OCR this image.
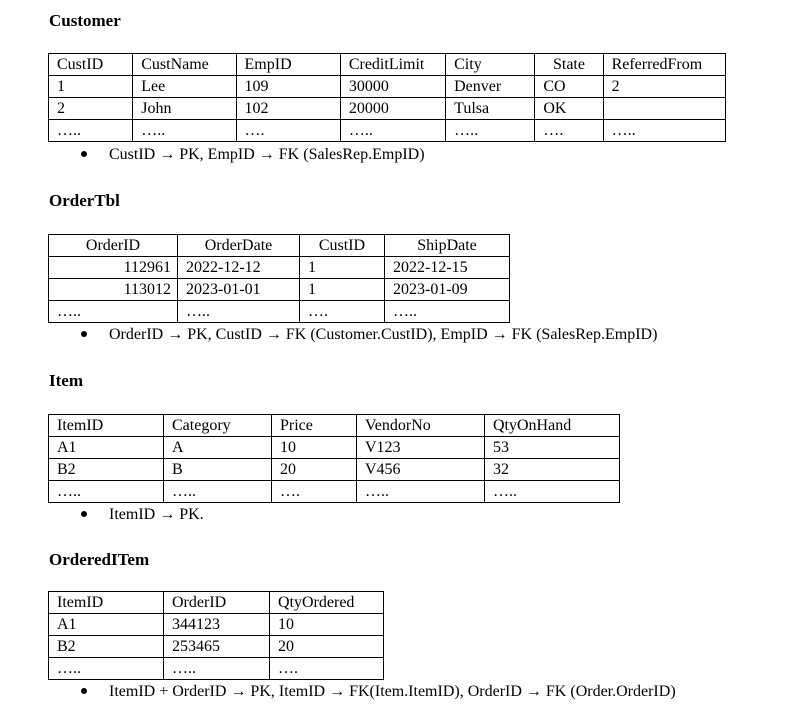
Customer
CustID	CustName	EmpID	CreditLimit	City	State	ReferredFrom
1	Lee	109	30000	Denver	CO	2
2	John	102	20000	Tulsa	OK	
…..	…..	….	…..	…..	….	…..
CustID → PK, EmpID → FK (SalesRep.EmpID)
OrderTbl
OrderID	OrderDate	CustID	ShipDate
112961	2022-12-12	1	2022-12-15
113012	2023-01-01	1	2023-01-09
…..	…..	….	…..
OrderID → PK, CustID → FK (Customer.CustID), EmpID → FK (SalesRep.EmpID)
Item
ItemID	Category	Price	VendorNo	QtyOnHand
A1	A	10	V123	53
B2	B	20	V456	32
…..	…..	….	…..	…..
ItemID → PK.
OrderedITem
ItemID	OrderID	QtyOrdered
A1	344123	10
B2	253465	20
…..	…..	….
ItemID + OrderID → PK, ItemID → FK(Item.ItemID), OrderID → FK (Order.OrderID)
